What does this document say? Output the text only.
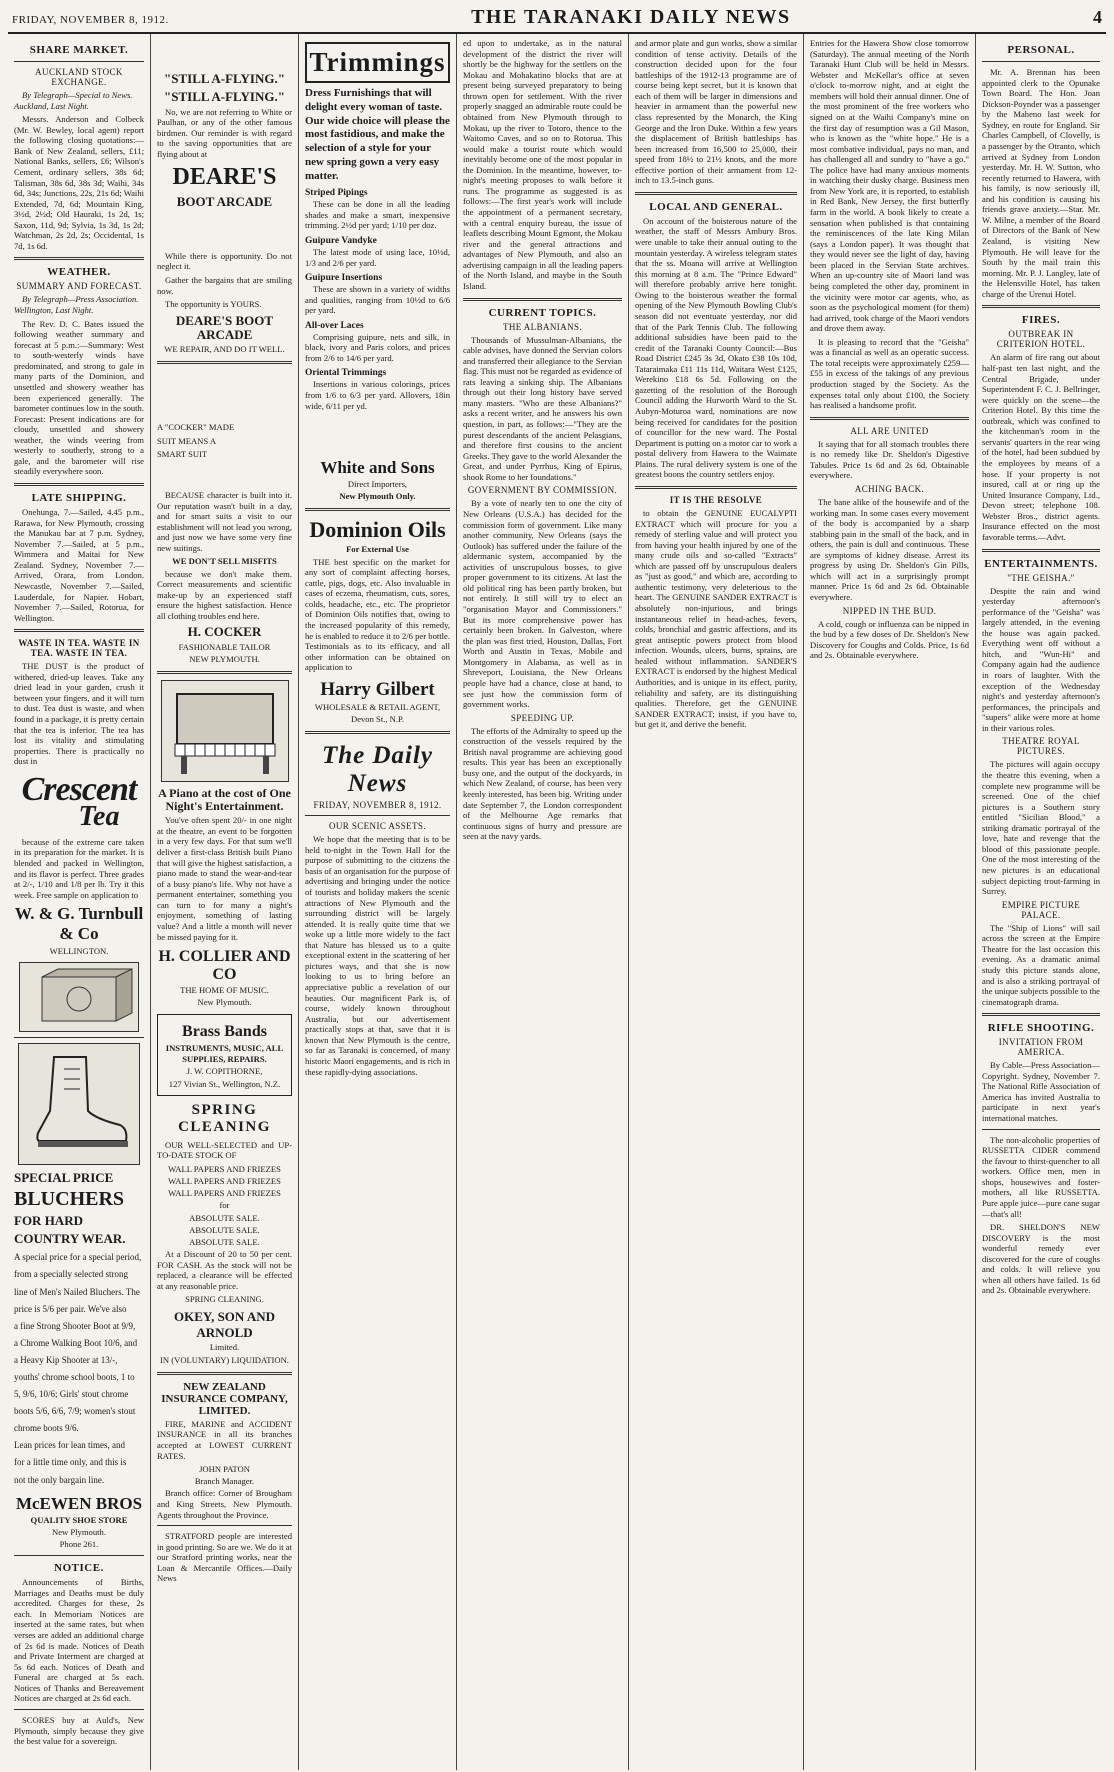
FRIDAY, NOVEMBER 8, 1912.	THE TARANAKI DAILY NEWS	4
SHARE MARKET.
AUCKLAND STOCK EXCHANGE.

By Telegraph—Special to News. Auckland, Last Night.

Messrs. Anderson and Colbeck (Mr. W. Bewley, local agent) report the following closing quotations:—Bank of New Zealand, sellers, £11; National Banks, sellers, £6; Wilson's Cement, ordinary sellers, 38s 6d; Talisman, 38s 6d, 38s 3d; Waihi, 34s 6d, 34s; Junctions, 22s, 21s 6d; Waihi Extended, 7d, 6d; Mountain King, 3½d, 2½d; Old Hauraki, 1s 2d, 1s; Saxon, 11d, 9d; Sylvia, 1s 3d, 1s 2d; Watchman, 2s 2d, 2s; Occidental, 1s 7d, 1s 6d.

WEATHER.
SUMMARY AND FORECAST.

By Telegraph—Press Association. Wellington, Last Night.

The Rev. D. C. Bates issued the following weather summary and forecast at 5 p.m.:—Summary: West to south-westerly winds have predominated, and strong to gale in many parts of the Dominion, and unsettled and showery weather has been experienced generally. The barometer continues low in the south. Forecast: Present indications are for cloudy, unsettled and showery weather, the winds veering from westerly to southerly, strong to a gale, and the barometer will rise steadily everywhere soon.

LATE SHIPPING.

Onehunga, 7.—Sailed, 4.45 p.m., Rarawa, for New Plymouth, crossing the Manukau bar at 7 p.m. Sydney, November 7.—Sailed, at 5 p.m., Wimmera and Maitai for New Zealand. Sydney, November 7.—Arrived, Orara, from London. Newcastle, November 7.—Sailed, Lauderdale, for Napier. Hobart, November 7.—Sailed, Rotorua, for Wellington.

WASTE IN TEA. WASTE IN TEA. WASTE IN TEA.

THE DUST is the product of withered, dried-up leaves. Take any dried lead in your garden, crush it between your fingers, and it will turn to dust. Tea dust is waste, and when found in a package, it is pretty certain that the tea is inferior. The tea has lost its vitality and stimulating properties. There is practically no dust in

Crescent
Tea

because of the extreme care taken in its preparation for the market. It is blended and packed in Wellington, and its flavor is perfect. Three grades at 2/-, 1/10 and 1/8 per lb. Try it this week. Free sample on application to

W. & G. Turnbull & Co
WELLINGTON.
SPECIAL PRICE
BLUCHERS
FOR HARD
COUNTRY WEAR.

A special price for a special period,

from a specially selected strong

line of Men's Nailed Bluchers. The

price is 5/6 per pair. We've also

a fine Strong Shooter Boot at 9/9,

a Chrome Walking Boot 10/6, and

a Heavy Kip Shooter at 13/-,

youths' chrome school boots, 1 to

5, 9/6, 10/6; Girls' stout chrome

boots 5/6, 6/6, 7/9; women's stout

chrome boots 9/6.

Lean prices for lean times, and

for a little time only, and this is

not the only bargain line.

McEWEN BROS
QUALITY SHOE STORE
New Plymouth.
Phone 261.
NOTICE.

Announcements of Births, Marriages and Deaths must be duly accredited. Charges for these, 2s each. In Memoriam Notices are inserted at the same rates, but when verses are added an additional charge of 2s 6d is made. Notices of Death and Private Interment are charged at 5s 6d each. Notices of Death and Funeral are charged at 5s each. Notices of Thanks and Bereavement Notices are charged at 2s 6d each.

SCORES buy at Auld's, New Plymouth, simply because they give the best value for a sovereign.

"STILL A-FLYING."
"STILL A-FLYING."

No, we are not referring to White or Paulhan, or any of the other famous birdmen. Our reminder is with regard to the saving opportunities that are flying about at

DEARE'S
BOOT ARCADE

While there is opportunity. Do not neglect it.

Gather the bargains that are smiling now.

The opportunity is YOURS.

DEARE'S BOOT ARCADE
WE REPAIR, AND DO IT WELL.
A "COCKER" MADE
SUIT MEANS A
SMART SUIT

BECAUSE character is built into it. Our reputation wasn't built in a day, and for smart suits a visit to our establishment will not lead you wrong, and just now we have some very fine new suitings.

WE DON'T SELL MISFITS

because we don't make them. Correct measurements and scientific make-up by an experienced staff ensure the highest satisfaction. Hence all clothing troubles end here.

H. COCKER
FASHIONABLE TAILOR
NEW PLYMOUTH.
A Piano at the cost of One Night's Entertainment.

You've often spent 20/- in one night at the theatre, an event to be forgotten in a very few days. For that sum we'll deliver a first-class British built Piano that will give the highest satisfaction, a piano made to stand the wear-and-tear of a busy piano's life. Why not have a permanent entertainer, something you can turn to for many a night's enjoyment, something of lasting value? And a little a month will never be missed paying for it.

H. COLLIER AND CO
THE HOME OF MUSIC.
New Plymouth.
Brass Bands
INSTRUMENTS, MUSIC, ALL SUPPLIES, REPAIRS.
J. W. COPITHORNE,
127 Vivian St., Wellington, N.Z.
SPRING CLEANING

OUR WELL-SELECTED and UP-TO-DATE STOCK OF

WALL PAPERS AND FRIEZES
WALL PAPERS AND FRIEZES
WALL PAPERS AND FRIEZES
for
ABSOLUTE SALE.
ABSOLUTE SALE.
ABSOLUTE SALE.

At a Discount of 20 to 50 per cent. FOR CASH. As the stock will not be replaced, a clearance will be effected at any reasonable price.

SPRING CLEANING.
OKEY, SON AND ARNOLD
Limited.
IN (VOLUNTARY) LIQUIDATION.
NEW ZEALAND INSURANCE COMPANY, LIMITED.

FIRE, MARINE and ACCIDENT INSURANCE in all its branches accepted at LOWEST CURRENT RATES.

JOHN PATON
Branch Manager.

Branch office: Corner of Brougham and King Streets, New Plymouth. Agents throughout the Province.

STRATFORD people are interested in good printing. So are we. We do it at our Stratford printing works, near the Loan & Mercantile Offices.—Daily News

Trimmings
Dress Furnishings that will delight every woman of taste. Our wide choice will please the most fastidious, and make the selection of a style for your new spring gown a very easy matter.
Striped Pipings

These can be done in all the leading shades and make a smart, inexpensive trimming. 2½d per yard; 1/10 per doz.

Guipure Vandyke

The latest mode of using lace, 10½d, 1/3 and 2/6 per yard.

Guipure Insertions

These are shown in a variety of widths and qualities, ranging from 10½d to 6/6 per yard.

All-over Laces

Comprising guipure, nets and silk, in black, ivory and Paris colors, and prices from 2/6 to 14/6 per yard.

Oriental Trimmings

Insertions in various colorings, prices from 1/6 to 6/3 per yard. Allovers, 18in wide, 6/11 per yd.

White and Sons
Direct Importers,
New Plymouth Only.
Dominion Oils
For External Use

THE best specific on the market for any sort of complaint affecting horses, cattle, pigs, dogs, etc. Also invaluable in cases of eczema, rheumatism, cuts, sores, colds, headache, etc., etc. The proprietor of Dominion Oils notifies that, owing to the increased popularity of this remedy, he is enabled to reduce it to 2/6 per bottle. Testimonials as to its efficacy, and all other information can be obtained on application to

Harry Gilbert
WHOLESALE & RETAIL AGENT,
Devon St., N.P.
The Daily News
FRIDAY, NOVEMBER 8, 1912.
OUR SCENIC ASSETS.

We hope that the meeting that is to be held to-night in the Town Hall for the purpose of submitting to the citizens the basis of an organisation for the purpose of advertising and bringing under the notice of tourists and holiday makers the scenic attractions of New Plymouth and the surrounding district will be largely attended. It is really quite time that we woke up a little more widely to the fact that Nature has blessed us to a quite exceptional extent in the scattering of her pictures ways, and that she is now looking to us to bring before an appreciative public a revelation of our beauties. Our magnificent Park is, of course, widely known throughout Australia, but our advertisement practically stops at that, save that it is known that New Plymouth is the centre, so far as Taranaki is concerned, of many historic Maori engagements, and is rich in these rapidly-dying associations.

ed upon to undertake, as in the natural development of the district the river will shortly be the highway for the settlers on the Mokau and Mohakatino blocks that are at present being surveyed preparatory to being thrown open for settlement. With the river properly snagged an admirable route could be obtained from New Plymouth through to Mokau, up the river to Totoro, thence to the Waitomo Caves, and so on to Rotorua. This would make a tourist route which would inevitably become one of the most popular in the Dominion. In the meantime, however, to-night's meeting proposes to walk before it runs. The programme as suggested is as follows:—The first year's work will include the appointment of a permanent secretary, with a central enquiry bureau, the issue of leaflets describing Mount Egmont, the Mokau river and the general attractions and advantages of New Plymouth, and also an advertising campaign in all the leading papers of the North Island, and maybe in the South Island.

CURRENT TOPICS.
THE ALBANIANS.

Thousands of Mussulman-Albanians, the cable advises, have donned the Servian colors and transferred their allegiance to the Servian flag. This must not be regarded as evidence of rats leaving a sinking ship. The Albanians through out their long history have served many masters. "Who are these Albanians?" asks a recent writer, and he answers his own question, in part, as follows:—"They are the purest descendants of the ancient Pelasgians, and therefore first cousins to the ancient Greeks. They gave to the world Alexander the Great, and under Pyrrhus, King of Epirus, shook Rome to her foundations."

GOVERNMENT BY COMMISSION.

By a vote of nearly ten to one the city of New Orleans (U.S.A.) has decided for the commission form of government. Like many another community, New Orleans (says the Outlook) has suffered under the failure of the aldermanic system, accompanied by the activities of unscrupulous bosses, to give proper government to its citizens. At last the old political ring has been partly broken, but not entirely. It still will try to elect an "organisation Mayor and Commissioners." But its more comprehensive power has certainly been broken. In Galveston, where the plan was first tried, Houston, Dallas, Fort Worth and Austin in Texas, Mobile and Montgomery in Alabama, as well as in Shreveport, Louisiana, the New Orleans people have had a chance, close at hand, to see just how the commission form of government works.

SPEEDING UP.

The efforts of the Admiralty to speed up the construction of the vessels required by the British naval programme are achieving good results. This year has been an exceptionally busy one, and the output of the dockyards, in which New Zealand, of course, has been very keenly interested, has been big. Writing under date September 7, the London correspondent of the Melbourne Age remarks that continuous signs of hurry and pressure are seen at the navy yards.

and armor plate and gun works, show a similar condition of tense activity. Details of the construction decided upon for the four battleships of the 1912-13 programme are of course being kept secret, but it is known that each of them will be larger in dimensions and heavier in armament than the powerful new class represented by the Monarch, the King George and the Iron Duke. Within a few years the displacement of British battleships has been increased from 16,500 to 25,000, their speed from 18½ to 21½ knots, and the more effective portion of their armament from 12-inch to 13.5-inch guns.

LOCAL AND GENERAL.

On account of the boisterous nature of the weather, the staff of Messrs Ambury Bros. were unable to take their annual outing to the mountain yesterday. A wireless telegram states that the ss. Moana will arrive at Wellington this morning at 8 a.m. The "Prince Edward" will therefore probably arrive here tonight. Owing to the boisterous weather the formal opening of the New Plymouth Bowling Club's season did not eventuate yesterday, nor did that of the Park Tennis Club. The following additional subsidies have been paid to the credit of the Taranaki County Council:—Bus Road District £245 3s 3d, Okato £38 10s 10d, Tataraimaka £11 11s 11d, Waitara West £125, Werekino £18 6s 5d. Following on the gazetting of the resolution of the Borough Council adding the Hurworth Ward to the St. Aubyn-Moturoa ward, nominations are now being received for candidates for the position of councillor for the new ward. The Postal Department is putting on a motor car to work a postal delivery from Hawera to the Waimate Plains. The rural delivery system is one of the greatest boons the country settlers enjoy.

IT IS THE RESOLVE

to obtain the GENUINE EUCALYPTI EXTRACT which will procure for you a remedy of sterling value and will protect you from having your health injured by one of the many crude oils and so-called "Extracts" which are passed off by unscrupulous dealers as "just as good," and which are, according to authentic testimony, very deleterious to the heart. The GENUINE SANDER EXTRACT is absolutely non-injurious, and brings instantaneous relief in head-aches, fevers, colds, bronchial and gastric affections, and its great antiseptic powers protect from blood infection. Wounds, ulcers, burns, sprains, are healed without inflammation. SANDER'S EXTRACT is endorsed by the highest Medical Authorities, and is unique in its effect, purity, reliability and safety, are its distinguishing qualities. Therefore, get the GENUINE SANDER EXTRACT; insist, if you have to, but get it, and derive the benefit.

Entries for the Hawera Show close tomorrow (Saturday). The annual meeting of the North Taranaki Hunt Club will be held in Messrs. Webster and McKellar's office at seven o'clock to-morrow night, and at eight the members will hold their annual dinner. One of the most prominent of the free workers who signed on at the Waihi Company's mine on the first day of resumption was a Gil Mason, who is known as the "white hope." He is a most combative individual, pays no man, and has challenged all and sundry to "have a go." The police have had many anxious moments in watching their dusky charge. Business men from New York are, it is reported, to establish in Red Bank, New Jersey, the first butterfly farm in the world. A book likely to create a sensation when published is that containing the reminiscences of the late King Milan (says a London paper). It was thought that they would never see the light of day, having been placed in the Servian State archives. When an up-country site of Maori land was being completed the other day, prominent in the vicinity were motor car agents, who, as soon as the psychological moment (for them) had arrived, took charge of the Maori vendors and drove them away.

It is pleasing to record that the "Geisha" was a financial as well as an operatic success. The total receipts were approximately £259—£55 in excess of the takings of any previous production staged by the Society. As the expenses total only about £100, the Society has realised a handsome profit.

ALL ARE UNITED

It saying that for all stomach troubles there is no remedy like Dr. Sheldon's Digestive Tabules. Price 1s 6d and 2s 6d. Obtainable everywhere.

ACHING BACK.

The bane alike of the housewife and of the working man. In some cases every movement of the body is accompanied by a sharp stabbing pain in the small of the back, and in others, the pain is dull and continuous. These are symptoms of kidney disease. Arrest its progress by using Dr. Sheldon's Gin Pills, which will act in a surprisingly prompt manner. Price 1s 6d and 2s 6d. Obtainable everywhere.

NIPPED IN THE BUD.

A cold, cough or influenza can be nipped in the bud by a few doses of Dr. Sheldon's New Discovery for Coughs and Colds. Price, 1s 6d and 2s. Obtainable everywhere.

PERSONAL.

Mr. A. Brennan has been appointed clerk to the Opunake Town Board. The Hon. Joan Dickson-Poynder was a passenger by the Maheno last week for Sydney, en route for England. Sir Charles Campbell, of Clovelly, is a passenger by the Otranto, which arrived at Sydney from London yesterday. Mr. H. W. Sutton, who recently returned to Hawera, with his family, is now seriously ill, and his condition is causing his friends grave anxiety.—Star. Mr. W. Milne, a member of the Board of Directors of the Bank of New Zealand, is visiting New Plymouth. He will leave for the South by the mail train this morning. Mr. P. J. Langley, late of the Helensville Hotel, has taken charge of the Urenui Hotel.

FIRES.
OUTBREAK IN CRITERION HOTEL.

An alarm of fire rang out about half-past ten last night, and the Central Brigade, under Superintendent F. C. J. Bellringer, were quickly on the scene—the Criterion Hotel. By this time the outbreak, which was confined to the kitchenman's room in the servants' quarters in the rear wing of the hotel, had been subdued by the employees by means of a hose. If your property is not insured, call at or ring up the United Insurance Company, Ltd., Devon street; telephone 108. Webster Bros., district agents. Insurance effected on the most favorable terms.—Advt.

ENTERTAINMENTS.
"THE GEISHA."

Despite the rain and wind yesterday afternoon's performance of the "Geisha" was largely attended, in the evening the house was again packed. Everything went off without a hitch, and "Wun-Hi" and Company again had the audience in roars of laughter. With the exception of the Wednesday night's and yesterday afternoon's performances, the principals and "supers" alike were more at home in their various roles.

THEATRE ROYAL PICTURES.

The pictures will again occupy the theatre this evening, when a complete new programme will be screened. One of the chief pictures is a Southern story entitled "Sicilian Blood," a striking dramatic portrayal of the love, hate and revenge that the blood of this passionate people. One of the most interesting of the new pictures is an educational subject depicting trout-farming in Surrey.

EMPIRE PICTURE PALACE.

The "Ship of Lions" will sail across the screen at the Empire Theatre for the last occasion this evening. As a dramatic animal study this picture stands alone, and is also a striking portrayal of the unique subjects possible to the cinematograph drama.

RIFLE SHOOTING.
INVITATION FROM AMERICA.

By Cable—Press Association—Copyright. Sydney, November 7. The National Rifle Association of America has invited Australia to participate in next year's international matches.

The non-alcoholic properties of RUSSETTA CIDER commend the favour to thirst-quencher to all workers. Office men, men in shops, housewives and foster-mothers, all like RUSSETTA. Pure apple juice—pure cane sugar—that's all!

DR. SHELDON'S NEW DISCOVERY is the most wonderful remedy ever discovered for the cure of coughs and colds. It will relieve you when all others have failed. 1s 6d and 2s. Obtainable everywhere.
